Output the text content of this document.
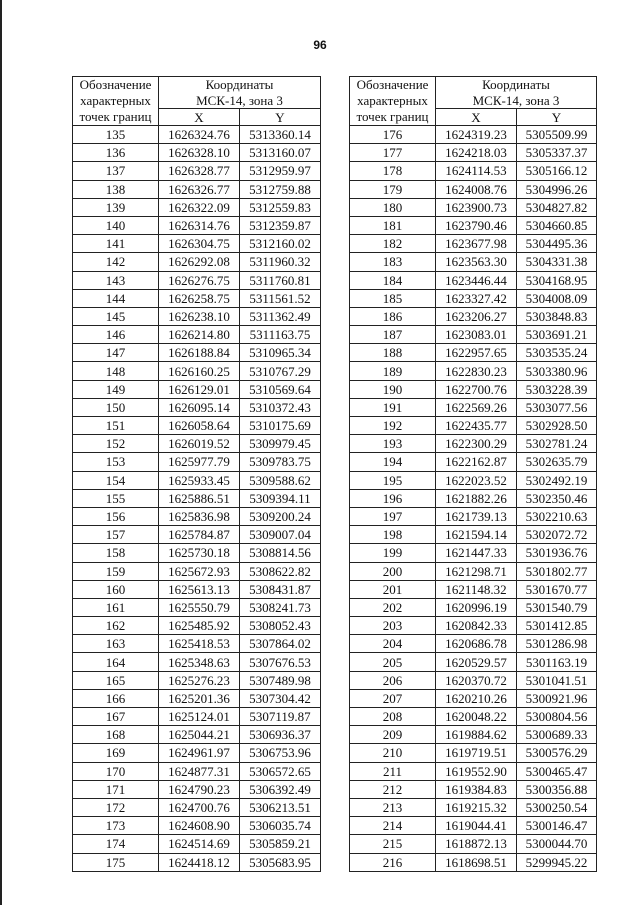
96
Обозначение
характерных
точек границ	Координаты	
	МСК-14, зона 3	
	X	Y
135	1626324.76	5313360.14
136	1626328.10	5313160.07
137	1626328.77	5312959.97
138	1626326.77	5312759.88
139	1626322.09	5312559.83
140	1626314.76	5312359.87
141	1626304.75	5312160.02
142	1626292.08	5311960.32
143	1626276.75	5311760.81
144	1626258.75	5311561.52
145	1626238.10	5311362.49
146	1626214.80	5311163.75
147	1626188.84	5310965.34
148	1626160.25	5310767.29
149	1626129.01	5310569.64
150	1626095.14	5310372.43
151	1626058.64	5310175.69
152	1626019.52	5309979.45
153	1625977.79	5309783.75
154	1625933.45	5309588.62
155	1625886.51	5309394.11
156	1625836.98	5309200.24
157	1625784.87	5309007.04
158	1625730.18	5308814.56
159	1625672.93	5308622.82
160	1625613.13	5308431.87
161	1625550.79	5308241.73
162	1625485.92	5308052.43
163	1625418.53	5307864.02
164	1625348.63	5307676.53
165	1625276.23	5307489.98
166	1625201.36	5307304.42
167	1625124.01	5307119.87
168	1625044.21	5306936.37
169	1624961.97	5306753.96
170	1624877.31	5306572.65
171	1624790.23	5306392.49
172	1624700.76	5306213.51
173	1624608.90	5306035.74
174	1624514.69	5305859.21
175	1624418.12	5305683.95
Обозначение
характерных
точек границ	Координаты	
	МСК-14, зона 3	
	X	Y
176	1624319.23	5305509.99
177	1624218.03	5305337.37
178	1624114.53	5305166.12
179	1624008.76	5304996.26
180	1623900.73	5304827.82
181	1623790.46	5304660.85
182	1623677.98	5304495.36
183	1623563.30	5304331.38
184	1623446.44	5304168.95
185	1623327.42	5304008.09
186	1623206.27	5303848.83
187	1623083.01	5303691.21
188	1622957.65	5303535.24
189	1622830.23	5303380.96
190	1622700.76	5303228.39
191	1622569.26	5303077.56
192	1622435.77	5302928.50
193	1622300.29	5302781.24
194	1622162.87	5302635.79
195	1622023.52	5302492.19
196	1621882.26	5302350.46
197	1621739.13	5302210.63
198	1621594.14	5302072.72
199	1621447.33	5301936.76
200	1621298.71	5301802.77
201	1621148.32	5301670.77
202	1620996.19	5301540.79
203	1620842.33	5301412.85
204	1620686.78	5301286.98
205	1620529.57	5301163.19
206	1620370.72	5301041.51
207	1620210.26	5300921.96
208	1620048.22	5300804.56
209	1619884.62	5300689.33
210	1619719.51	5300576.29
211	1619552.90	5300465.47
212	1619384.83	5300356.88
213	1619215.32	5300250.54
214	1619044.41	5300146.47
215	1618872.13	5300044.70
216	1618698.51	5299945.22
